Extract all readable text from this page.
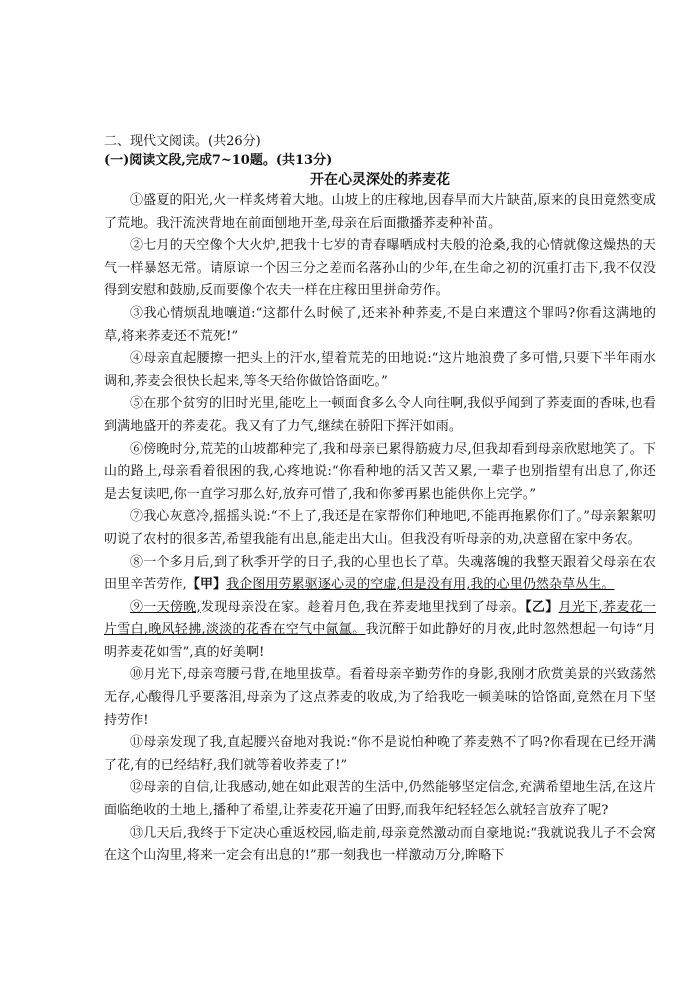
二、现代文阅读。(共26分)

(一)阅读文段,完成7~10题。(共13分)

开在心灵深处的荞麦花

①盛夏的阳光,火一样炙烤着大地。山坡上的庄稼地,因春旱而大片缺苗,原来的良田竟然变成了荒地。我汗流浃背地在前面刨地开垄,母亲在后面撒播荞麦种补苗。

②七月的天空像个大火炉,把我十七岁的青春曝晒成村夫般的沧桑,我的心情就像这燥热的天气一样暴怒无常。请原谅一个因三分之差而名落孙山的少年,在生命之初的沉重打击下,我不仅没得到安慰和鼓励,反而要像个农夫一样在庄稼田里拼命劳作。

③我心情烦乱地嚷道:“这都什么时候了,还来补种荞麦,不是白来遭这个罪吗?你看这满地的草,将来荞麦还不荒死!”

④母亲直起腰擦一把头上的汗水,望着荒芜的田地说:“这片地浪费了多可惜,只要下半年雨水调和,荞麦会很快长起来,等冬天给你做饸饹面吃。”

⑤在那个贫穷的旧时光里,能吃上一顿面食多么令人向往啊,我似乎闻到了荞麦面的香味,也看到满地盛开的荞麦花。我又有了力气,继续在骄阳下挥汗如雨。

⑥傍晚时分,荒芜的山坡都种完了,我和母亲已累得筋疲力尽,但我却看到母亲欣慰地笑了。下山的路上,母亲看着很困的我,心疼地说:“你看种地的活又苦又累,一辈子也别指望有出息了,你还是去复读吧,你一直学习那么好,放弃可惜了,我和你爹再累也能供你上完学。”

⑦我心灰意冷,摇摇头说:“不上了,我还是在家帮你们种地吧,不能再拖累你们了。”母亲絮絮叨叨说了农村的很多苦,希望我能有出息,能走出大山。但我没有听母亲的劝,决意留在家中务农。

⑧一个多月后,到了秋季开学的日子,我的心里也长了草。失魂落魄的我整天跟着父母亲在农田里辛苦劳作,【甲】我企图用劳累驱逐心灵的空虚,但是没有用,我的心里仍然杂草丛生。

⑨一天傍晚,发现母亲没在家。趁着月色,我在荞麦地里找到了母亲。【乙】月光下,荞麦花一片雪白,晚风轻拂,淡淡的花香在空气中氤氲。我沉醉于如此静好的月夜,此时忽然想起一句诗“月明荞麦花如雪”,真的好美啊!

⑩月光下,母亲弯腰弓背,在地里拔草。看着母亲辛勤劳作的身影,我刚才欣赏美景的兴致荡然无存,心酸得几乎要落泪,母亲为了这点荞麦的收成,为了给我吃一顿美味的饸饹面,竟然在月下坚持劳作!

⑪母亲发现了我,直起腰兴奋地对我说:“你不是说怕种晚了荞麦熟不了吗?你看现在已经开满了花,有的已经结籽,我们就等着收荞麦了!”

⑫母亲的自信,让我感动,她在如此艰苦的生活中,仍然能够坚定信念,充满希望地生活,在这片面临绝收的土地上,播种了希望,让荞麦花开遍了田野,而我年纪轻轻怎么就轻言放弃了呢?

⑬几天后,我终于下定决心重返校园,临走前,母亲竟然激动而自豪地说:“我就说我儿子不会窝在这个山沟里,将来一定会有出息的!”那一刻我也一样激动万分,眸略下
